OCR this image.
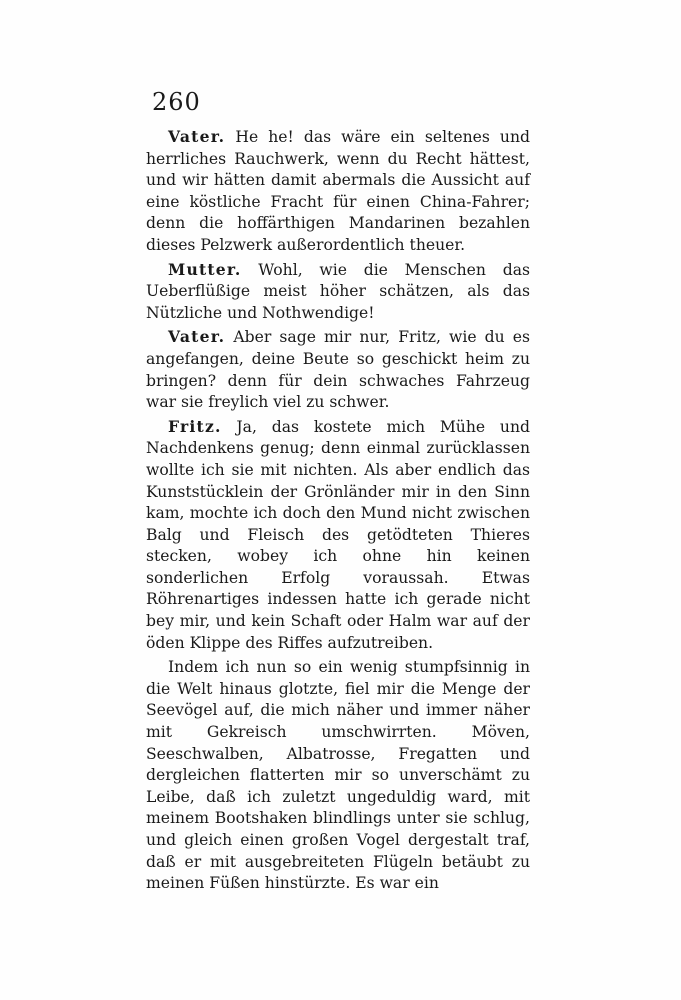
260

Vater. He he! das wäre ein seltenes und herrliches Rauchwerk, wenn du Recht hättest, und wir hätten damit abermals die Aussicht auf eine köstliche Fracht für einen China-Fahrer; denn die hoffärthigen Mandarinen bezahlen dieses Pelzwerk außerordentlich theuer.

Mutter. Wohl, wie die Menschen das Ueberflüßige meist höher schätzen, als das Nützliche und Nothwendige!

Vater. Aber sage mir nur, Fritz, wie du es angefangen, deine Beute so geschickt heim zu bringen? denn für dein schwaches Fahrzeug war sie freylich viel zu schwer.

Fritz. Ja, das kostete mich Mühe und Nachdenkens genug; denn einmal zurücklassen wollte ich sie mit nichten. Als aber endlich das Kunststücklein der Grönländer mir in den Sinn kam, mochte ich doch den Mund nicht zwischen Balg und Fleisch des getödteten Thieres stecken, wobey ich ohne hin keinen sonderlichen Erfolg voraussah. Etwas Röhrenartiges indessen hatte ich gerade nicht bey mir, und kein Schaft oder Halm war auf der öden Klippe des Riffes aufzutreiben.

Indem ich nun so ein wenig stumpfsinnig in die Welt hinaus glotzte, fiel mir die Menge der Seevögel auf, die mich näher und immer näher mit Gekreisch umschwirrten. Möven, Seeschwalben, Albatrosse, Fregatten und dergleichen flatterten mir so unverschämt zu Leibe, daß ich zuletzt ungeduldig ward, mit meinem Bootshaken blindlings unter sie schlug, und gleich einen großen Vogel dergestalt traf, daß er mit ausgebreiteten Flügeln betäubt zu meinen Füßen hinstürzte. Es war ein
